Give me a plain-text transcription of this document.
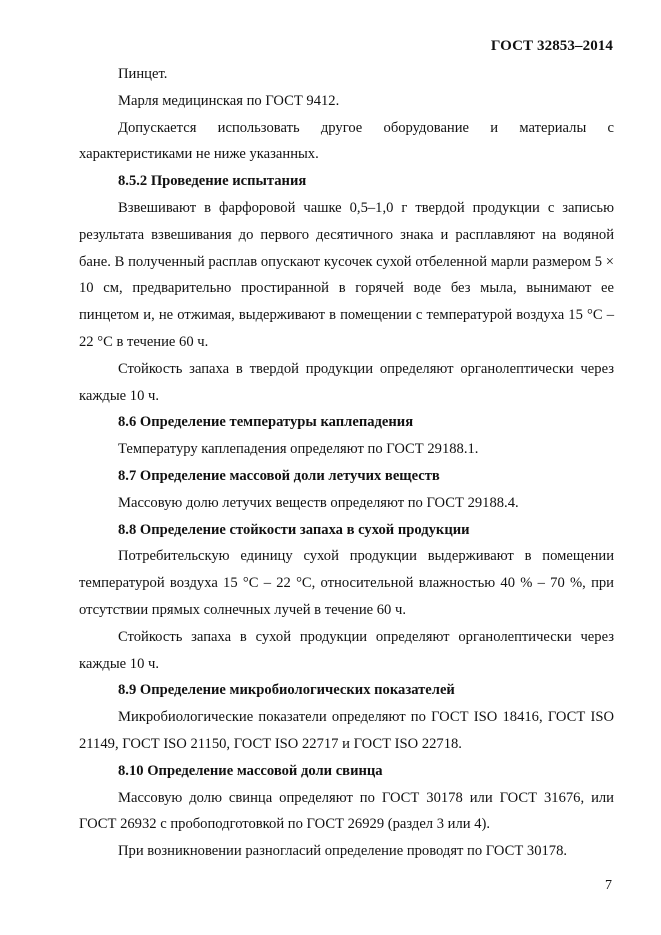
ГОСТ 32853–2014

Пинцет.

Марля медицинская по ГОСТ 9412.

Допускается использовать другое оборудование и материалы с характеристиками не ниже указанных.

8.5.2 Проведение испытания

Взвешивают в фарфоровой чашке 0,5–1,0 г твердой продукции с записью результата взвешивания до первого десятичного знака и расплавляют на водяной бане. В полученный расплав опускают кусочек сухой отбеленной марли размером 5 × 10 см, предварительно простиранной в горячей воде без мыла, вынимают ее пинцетом и, не отжимая, выдерживают в помещении с температурой воздуха 15 °С – 22 °С в течение 60 ч.

Стойкость запаха в твердой продукции определяют органолептически через каждые 10 ч.

8.6 Определение температуры каплепадения

Температуру каплепадения определяют по ГОСТ 29188.1.

8.7 Определение массовой доли летучих веществ

Массовую долю летучих веществ определяют по ГОСТ 29188.4.

8.8 Определение стойкости запаха в сухой продукции

Потребительскую единицу сухой продукции выдерживают в помещении температурой воздуха 15 °С – 22 °С, относительной влажностью 40 % – 70 %, при отсутствии прямых солнечных лучей в течение 60 ч.

Стойкость запаха в сухой продукции определяют органолептически через каждые 10 ч.

8.9 Определение микробиологических показателей

Микробиологические показатели определяют по ГОСТ ISO 18416, ГОСТ ISO 21149, ГОСТ ISO 21150, ГОСТ ISO 22717 и ГОСТ ISO 22718.

8.10 Определение массовой доли свинца

Массовую долю свинца определяют по ГОСТ 30178 или ГОСТ 31676, или ГОСТ 26932 с пробоподготовкой по ГОСТ 26929 (раздел 3 или 4).

При возникновении разногласий определение проводят по ГОСТ 30178.

7
